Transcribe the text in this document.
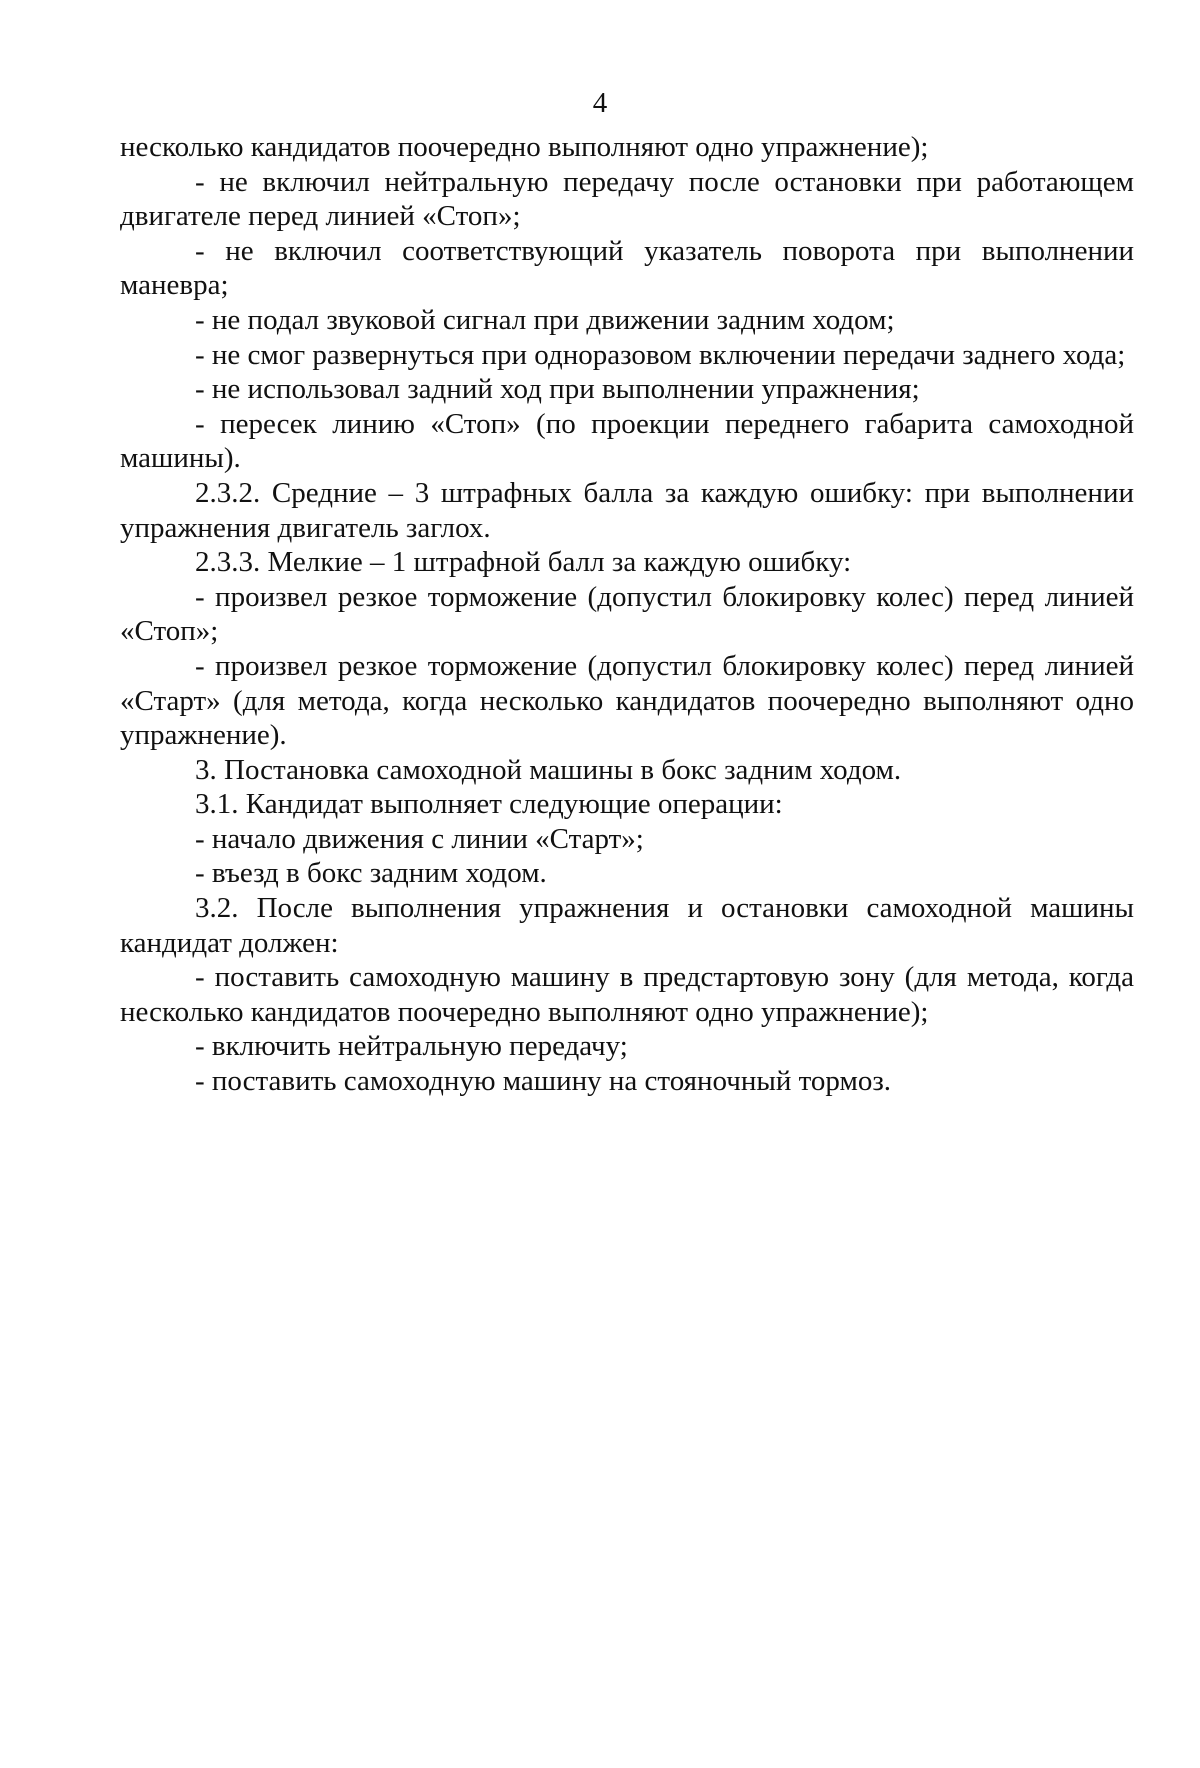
4

несколько кандидатов поочередно выполняют одно упражнение);

- не включил нейтральную передачу после остановки при работающем двигателе перед линией «Стоп»;

- не включил соответствующий указатель поворота при выполнении маневра;

- не подал звуковой сигнал при движении задним ходом;

- не смог развернуться при одноразовом включении передачи заднего хода;

- не использовал задний ход при выполнении упражнения;

- пересек линию «Стоп» (по проекции переднего габарита самоходной машины).

2.3.2. Средние – 3 штрафных балла за каждую ошибку: при выполнении упражнения двигатель заглох.

2.3.3. Мелкие – 1 штрафной балл за каждую ошибку:

- произвел резкое торможение (допустил блокировку колес) перед линией «Стоп»;

- произвел резкое торможение (допустил блокировку колес) перед линией «Старт» (для метода, когда несколько кандидатов поочередно выполняют одно упражнение).

3. Постановка самоходной машины в бокс задним ходом.

3.1. Кандидат выполняет следующие операции:

- начало движения с линии «Старт»;

- въезд в бокс задним ходом.

3.2. После выполнения упражнения и остановки самоходной машины кандидат должен:

- поставить самоходную машину в предстартовую зону (для метода, когда несколько кандидатов поочередно выполняют одно упражнение);

- включить нейтральную передачу;

- поставить самоходную машину на стояночный тормоз.
